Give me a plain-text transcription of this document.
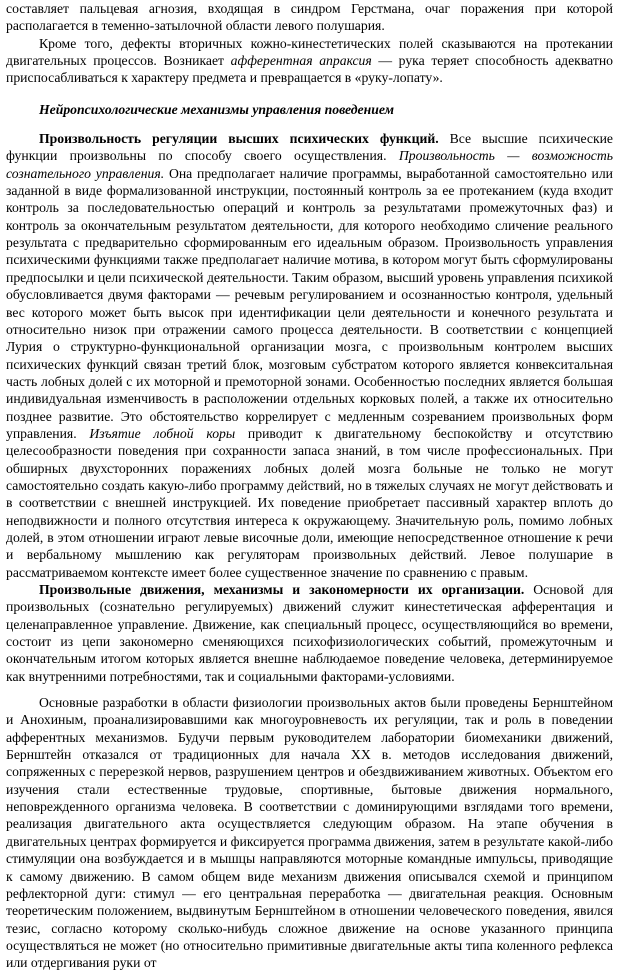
составляет пальцевая агнозия, входящая в синдром Герстмана, очаг поражения при которой располагается в теменно-затылочной области левого полушария.

Кроме того, дефекты вторичных кожно-кинестетических полей сказываются на протекании двигательных процессов. Возникает афферентная апраксия — рука теряет способность адекватно приспосабливаться к характеру предмета и превращается в «руку-лопату».

Нейропсихологические механизмы управления поведением

Произвольность регуляции высших психических функций. Все высшие психические функции произвольны по способу своего осуществления. Произвольность — возможность сознательного управления. Она предполагает наличие программы, выработанной самостоятельно или заданной в виде формализованной инструкции, постоянный контроль за ее протеканием (куда входит контроль за последовательностью операций и контроль за результатами промежуточных фаз) и контроль за окончательным результатом деятельности, для которого необходимо сличение реального результата с предварительно сформированным его идеальным образом. Произвольность управления психическими функциями также предполагает наличие мотива, в котором могут быть сформулированы предпосылки и цели психической деятельности. Таким образом, высший уровень управления психикой обусловливается двумя факторами — речевым регулированием и осознанностью контроля, удельный вес которого может быть высок при идентификации цели деятельности и конечного результата и относительно низок при отражении самого процесса деятельности. В соответствии с концепцией Лурия о структурно-функциональной организации мозга, с произвольным контролем высших психических функций связан третий блок, мозговым субстратом которого является конвекситальная часть лобных долей с их моторной и премоторной зонами. Особенностью последних является большая индивидуальная изменчивость в расположении отдельных корковых полей, а также их относительно позднее развитие. Это обстоятельство коррелирует с медленным созреванием произвольных форм управления. Изъятие лобной коры приводит к двигательному беспокойству и отсутствию целесообразности поведения при сохранности запаса знаний, в том числе профессиональных. При обширных двухсторонних поражениях лобных долей мозга больные не только не могут самостоятельно создать какую-либо программу действий, но в тяжелых случаях не могут действовать и в соответствии с внешней инструкцией. Их поведение приобретает пассивный характер вплоть до неподвижности и полного отсутствия интереса к окружающему. Значительную роль, помимо лобных долей, в этом отношении играют левые височные доли, имеющие непосредственное отношение к речи и вербальному мышлению как регуляторам произвольных действий. Левое полушарие в рассматриваемом контексте имеет более существенное значение по сравнению с правым.

Произвольные движения, механизмы и закономерности их организации. Основой для произвольных (сознательно регулируемых) движений служит кинестетическая афферентация и целенаправленное управление. Движение, как специальный процесс, осуществляющийся во времени, состоит из цепи закономерно сменяющихся психофизиологических событий, промежуточным и окончательным итогом которых является внешне наблюдаемое поведение человека, детерминируемое как внутренними потребностями, так и социальными факторами-условиями.

Основные разработки в области физиологии произвольных актов были проведены Бернштейном и Анохиным, проанализировавшими как многоуровневость их регуляции, так и роль в поведении афферентных механизмов. Будучи первым руководителем лаборатории биомеханики движений, Бернштейн отказался от традиционных для начала XX в. методов исследования движений, сопряженных с перерезкой нервов, разрушением центров и обездвиживанием животных. Объектом его изучения стали естественные трудовые, спортивные, бытовые движения нормального, неповрежденного организма человека. В соответствии с доминирующими взглядами того времени, реализация двигательного акта осуществляется следующим образом. На этапе обучения в двигательных центрах формируется и фиксируется программа движения, затем в результате какой-либо стимуляции она возбуждается и в мышцы направляются моторные командные импульсы, приводящие к самому движению. В самом общем виде механизм движения описывался схемой и принципом рефлекторной дуги: стимул — его центральная переработка — двигательная реакция. Основным теоретическим положением, выдвинутым Бернштейном в отношении человеческого поведения, явился тезис, согласно которому сколько-нибудь сложное движение на основе указанного принципа осуществляться не может (но относительно примитивные двигательные акты типа коленного рефлекса или отдергивания руки от
